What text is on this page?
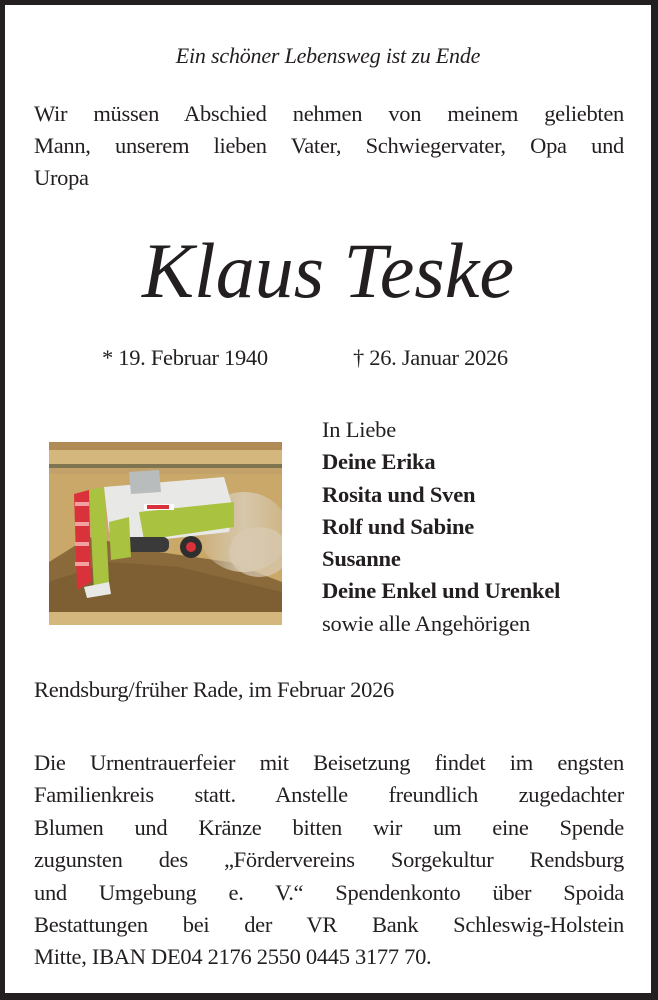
Ein schöner Lebensweg ist zu Ende
Wir müssen Abschied nehmen von meinem geliebten
Mann, unserem lieben Vater, Schwiegervater, Opa und
Uropa
Klaus Teske
* 19. Februar 1940	† 26. Januar 2026
In Liebe
Deine Erika
Rosita und Sven
Rolf und Sabine
Susanne
Deine Enkel und Urenkel
sowie alle Angehörigen
Rendsburg/früher Rade, im Februar 2026
Die Urnentrauerfeier mit Beisetzung findet im engsten
Familienkreis statt. Anstelle freundlich zugedachter
Blumen und Kränze bitten wir um eine Spende
zugunsten des „Fördervereins Sorgekultur Rendsburg
und Umgebung e. V.“ Spendenkonto über Spoida
Bestattungen bei der VR Bank Schleswig-Holstein
Mitte, IBAN DE04 2176 2550 0445 3177 70.
